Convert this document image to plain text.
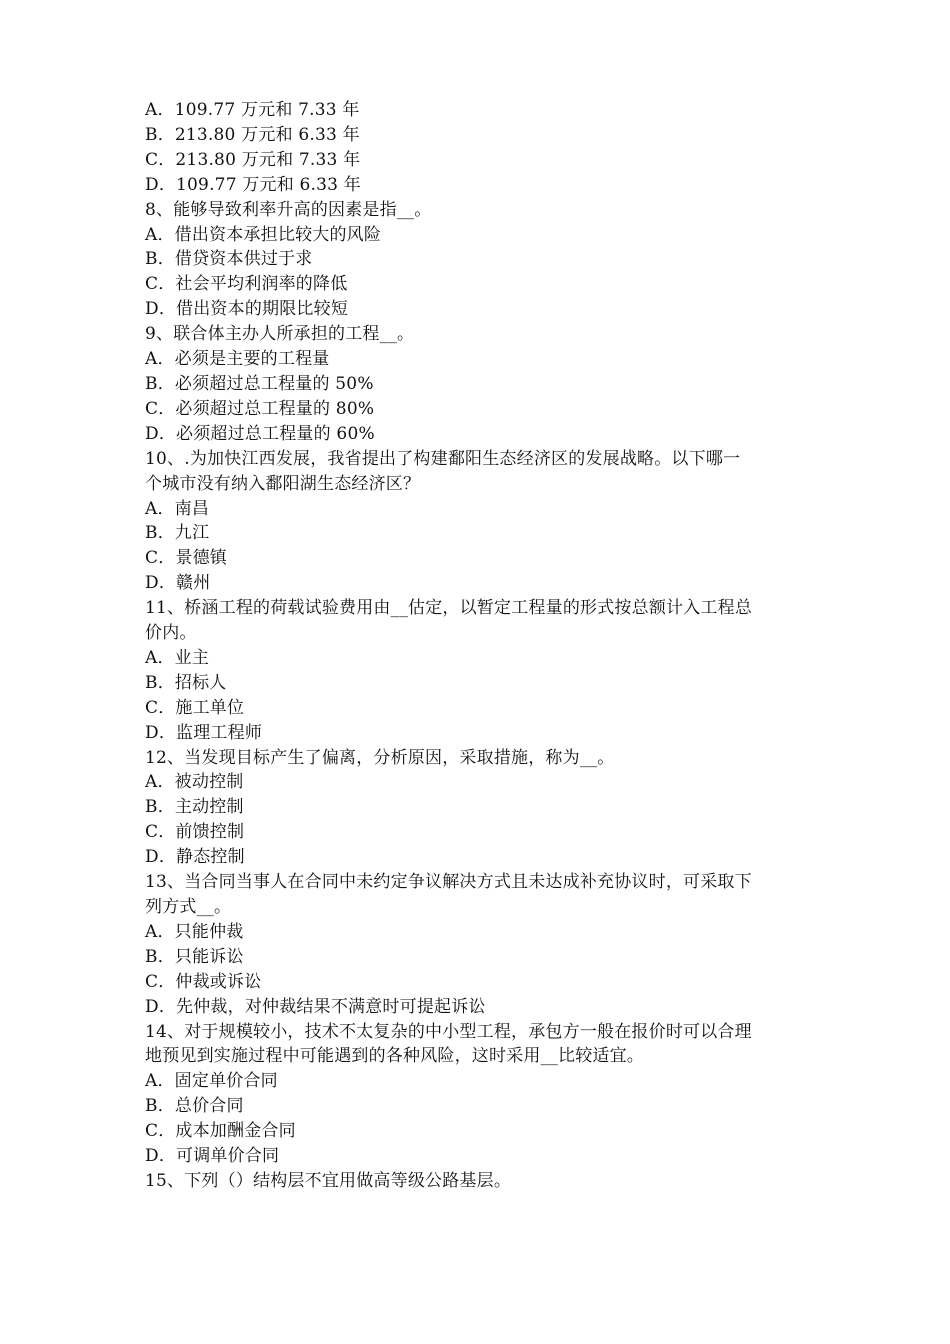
A．109.77 万元和 7.33 年
B．213.80 万元和 6.33 年
C．213.80 万元和 7.33 年
D．109.77 万元和 6.33 年
8、能够导致利率升高的因素是指__。
A．借出资本承担比较大的风险
B．借贷资本供过于求
C．社会平均利润率的降低
D．借出资本的期限比较短
9、联合体主办人所承担的工程__。
A．必须是主要的工程量
B．必须超过总工程量的 50%
C．必须超过总工程量的 80%
D．必须超过总工程量的 60%
10、.为加快江西发展，我省提出了构建鄱阳生态经济区的发展战略。以下哪一
个城市没有纳入鄱阳湖生态经济区？
A．南昌
B．九江
C．景德镇
D．赣州
11、桥涵工程的荷载试验费用由__估定，以暂定工程量的形式按总额计入工程总
价内。
A．业主
B．招标人
C．施工单位
D．监理工程师
12、当发现目标产生了偏离，分析原因，采取措施，称为__。
A．被动控制
B．主动控制
C．前馈控制
D．静态控制
13、当合同当事人在合同中未约定争议解决方式且未达成补充协议时，可采取下
列方式__。
A．只能仲裁
B．只能诉讼
C．仲裁或诉讼
D．先仲裁，对仲裁结果不满意时可提起诉讼
14、对于规模较小，技术不太复杂的中小型工程，承包方一般在报价时可以合理
地预见到实施过程中可能遇到的各种风险，这时采用__比较适宜。
A．固定单价合同
B．总价合同
C．成本加酬金合同
D．可调单价合同
15、下列（）结构层不宜用做高等级公路基层。
